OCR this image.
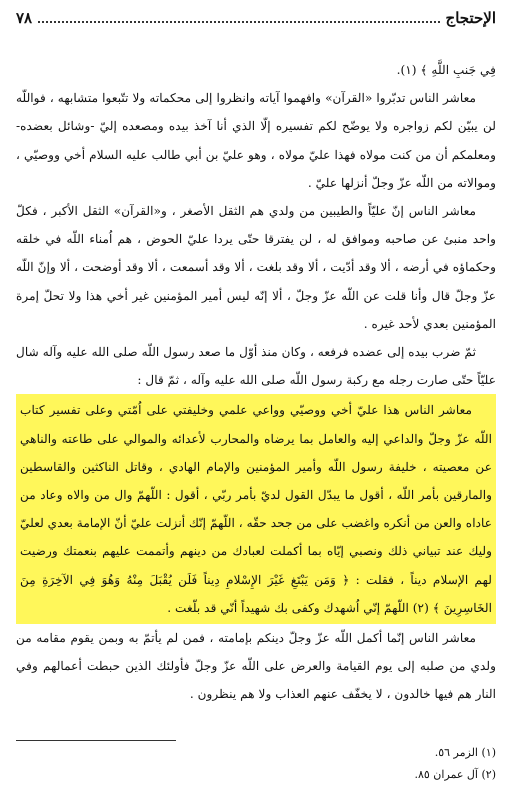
الإحتجاج
٧٨

فِي جَنبِ اللَّهِ ﴾ (١).

معاشر الناس تدبّروا «القرآن» وافهموا آياته وانظروا إلى محكماته ولا تتّبعوا متشابهه ، فواللّه لن يبيّن لكم زواجره ولا يوضّح لكم تفسيره إلّا الذي أنا آخذ بيده ومصعده إليّ -وشائل بعضده- ومعلمكم أن من كنت مولاه فهذا عليّ مولاه ، وهو عليّ بن أبي طالب عليه السلام أخي ووصيّي ، وموالاته من اللّه عزّ وجلّ أنزلها عليّ .

معاشر الناس إنّ عليّاً والطيبين من ولدي هم الثقل الأصغر ، و«القرآن» الثقل الأكبر ، فكلّ واحد منبئ عن صاحبه وموافق له ، لن يفترقا حتّى يردا عليّ الحوض ، هم اُمناء اللّه في خلقه وحكماؤه في أرضه ، ألا وقد أدّيت ، ألا وقد بلغت ، ألا وقد أسمعت ، ألا وقد أوضحت ، ألا وإنّ اللّه عزّ وجلّ قال وأنا قلت عن اللّه عزّ وجلّ ، ألا إنّه ليس أمير المؤمنين غير أخي هذا ولا تحلّ إمرة المؤمنين بعدي لأحد غيره .

ثمّ ضرب بيده إلى عضده فرفعه ، وكان منذ أوّل ما صعد رسول اللّه صلى الله عليه وآله شال عليّاً حتّى صارت رجله مع ركبة رسول اللّه صلى الله عليه وآله ، ثمّ قال :

معاشر الناس هذا عليّ أخي ووصيّي وواعي علمي وخليفتي على اُمّتي وعلى تفسير كتاب اللّه عزّ وجلّ والداعي إليه والعامل بما يرضاه والمحارب لأعدائه والموالي على طاعته والناهي عن معصيته ، خليفة رسول اللّه وأمير المؤمنين والإمام الهادي ، وقاتل الناكثين والقاسطين والمارقين بأمر اللّه ، أقول ما يبدّل القول لديّ بأمر ربّي ، أقول : اللّهمّ وال من والاه وعاد من عاداه والعن من أنكره واغضب على من جحد حقّه ، اللّهمّ إنّك أنزلت عليّ أنّ الإمامة بعدي لعليّ وليك عند تبياني ذلك ونصبي إيّاه بما أكملت لعبادك من دينهم وأتممت عليهم بنعمتك ورضيت لهم الإسلام ديناً ، فقلت : ﴿ وَمَن يَبْتَغِ غَيْرَ الإِسْلامِ دِيناً فَلَن يُقْبَلَ مِنْهُ وَهُوَ فِي الآخِرَةِ مِنَ الخَاسِرِينَ ﴾ (٢) اللّهمّ إنّي اُشهدك وكفى بك شهيداً أنّي قد بلّغت .

معاشر الناس إنّما أكمل اللّه عزّ وجلّ دينكم بإمامته ، فمن لم يأتمّ به وبمن يقوم مقامه من ولدي من صلبه إلى يوم القيامة والعرض على اللّه عزّ وجلّ فأولئك الذين حبطت أعمالهم وفي النار هم فيها خالدون ، لا يخفّف عنهم العذاب ولا هم ينظرون .

(١) الزمر ٥٦.
(٢) آل عمران ٨٥.
